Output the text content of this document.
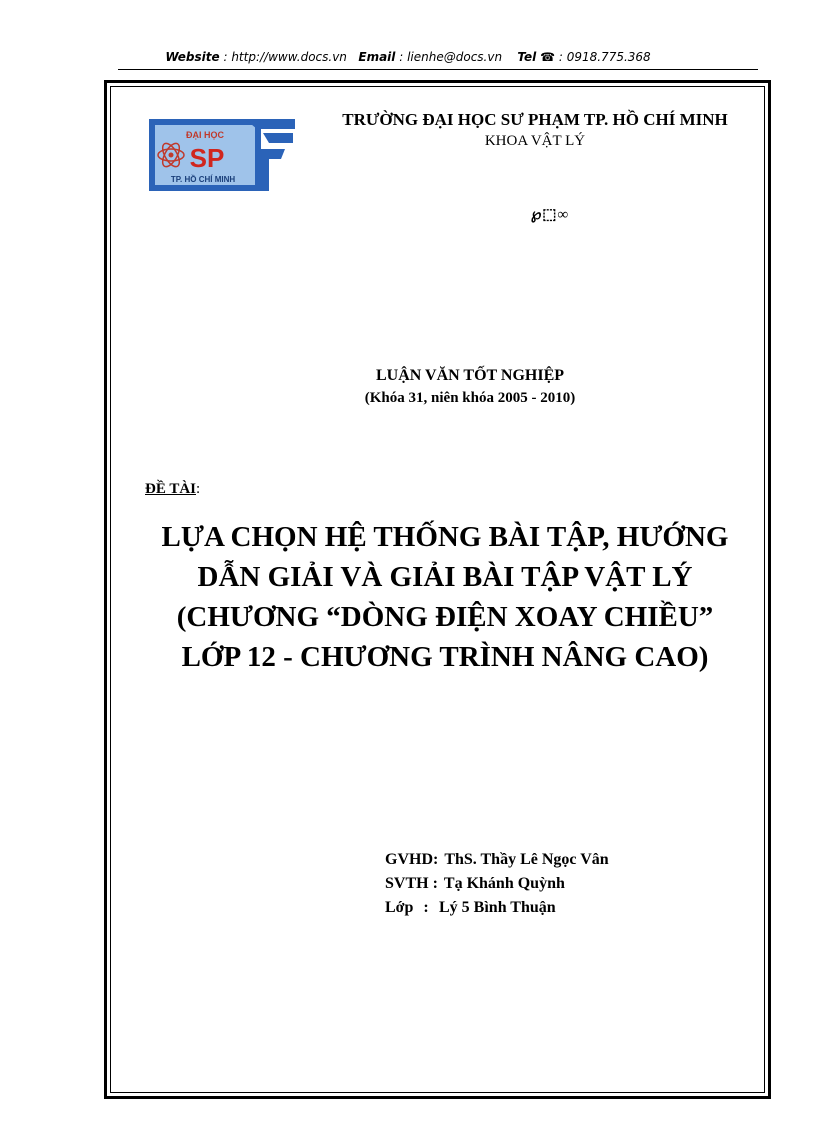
Website : http://www.docs.vn Email : lienhe@docs.vn Tel ☎ : 0918.775.368
ĐẠI HỌC
SP
TP. HỒ CHÍ MINH
TRƯỜNG ĐẠI HỌC SƯ PHẠM TP. HỒ CHÍ MINH
KHOA VẬT LÝ
℘⬚∞
LUẬN VĂN TỐT NGHIỆP
(Khóa 31, niên khóa 2005 - 2010)
ĐỀ TÀI:
LỰA CHỌN HỆ THỐNG BÀI TẬP, HƯỚNG
DẪN GIẢI VÀ GIẢI BÀI TẬP VẬT LÝ
(CHƯƠNG “DÒNG ĐIỆN XOAY CHIỀU”
LỚP 12 - CHƯƠNG TRÌNH NÂNG CAO)
GVHD : ThS. Thầy Lê Ngọc Vân
SVTH : Tạ Khánh Quỳnh
Lớp : Lý 5 Bình Thuận
